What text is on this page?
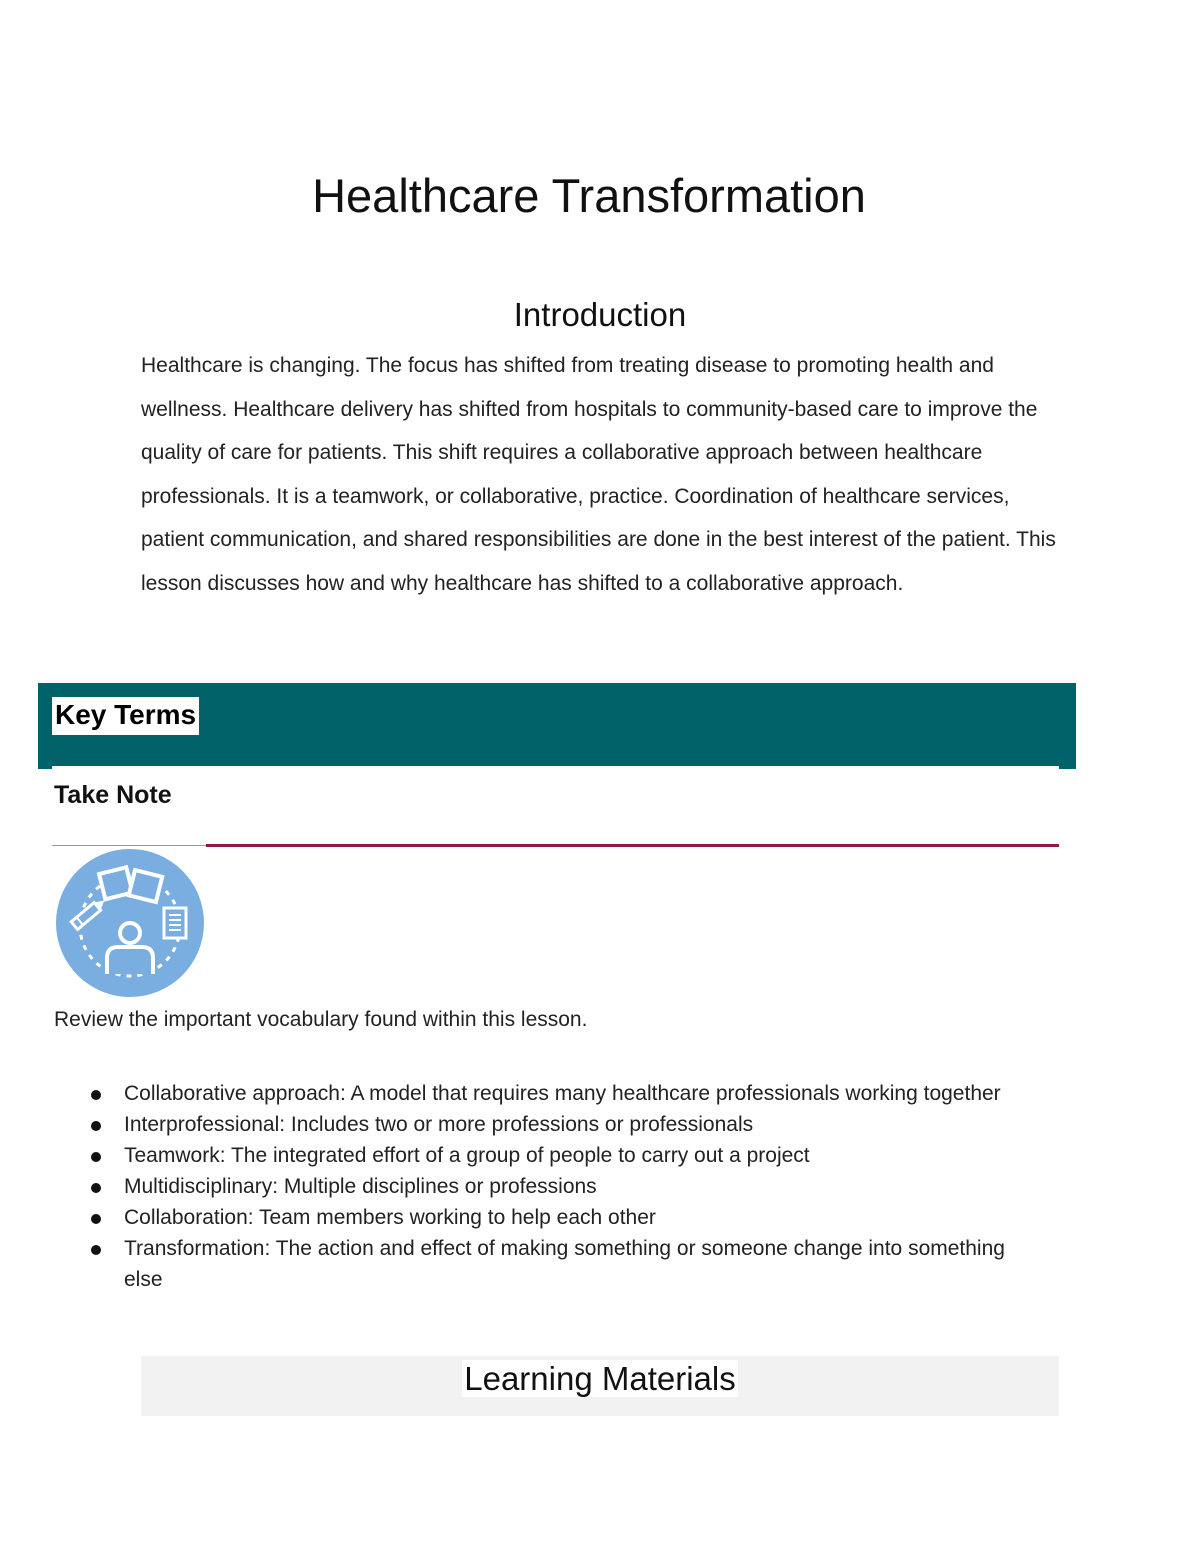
Healthcare Transformation
Introduction

Healthcare is changing. The focus has shifted from treating disease to promoting health and wellness. Healthcare delivery has shifted from hospitals to community-based care to improve the quality of care for patients. This shift requires a collaborative approach between healthcare professionals. It is a teamwork, or collaborative, practice. Coordination of healthcare services, patient communication, and shared responsibilities are done in the best interest of the patient. This lesson discusses how and why healthcare has shifted to a collaborative approach.

Key Terms
Take Note

Review the important vocabulary found within this lesson.

Collaborative approach: A model that requires many healthcare professionals working together
Interprofessional: Includes two or more professions or professionals
Teamwork: The integrated effort of a group of people to carry out a project
Multidisciplinary: Multiple disciplines or professions
Collaboration: Team members working to help each other
Transformation: The action and effect of making something or someone change into something else
Learning Materials
